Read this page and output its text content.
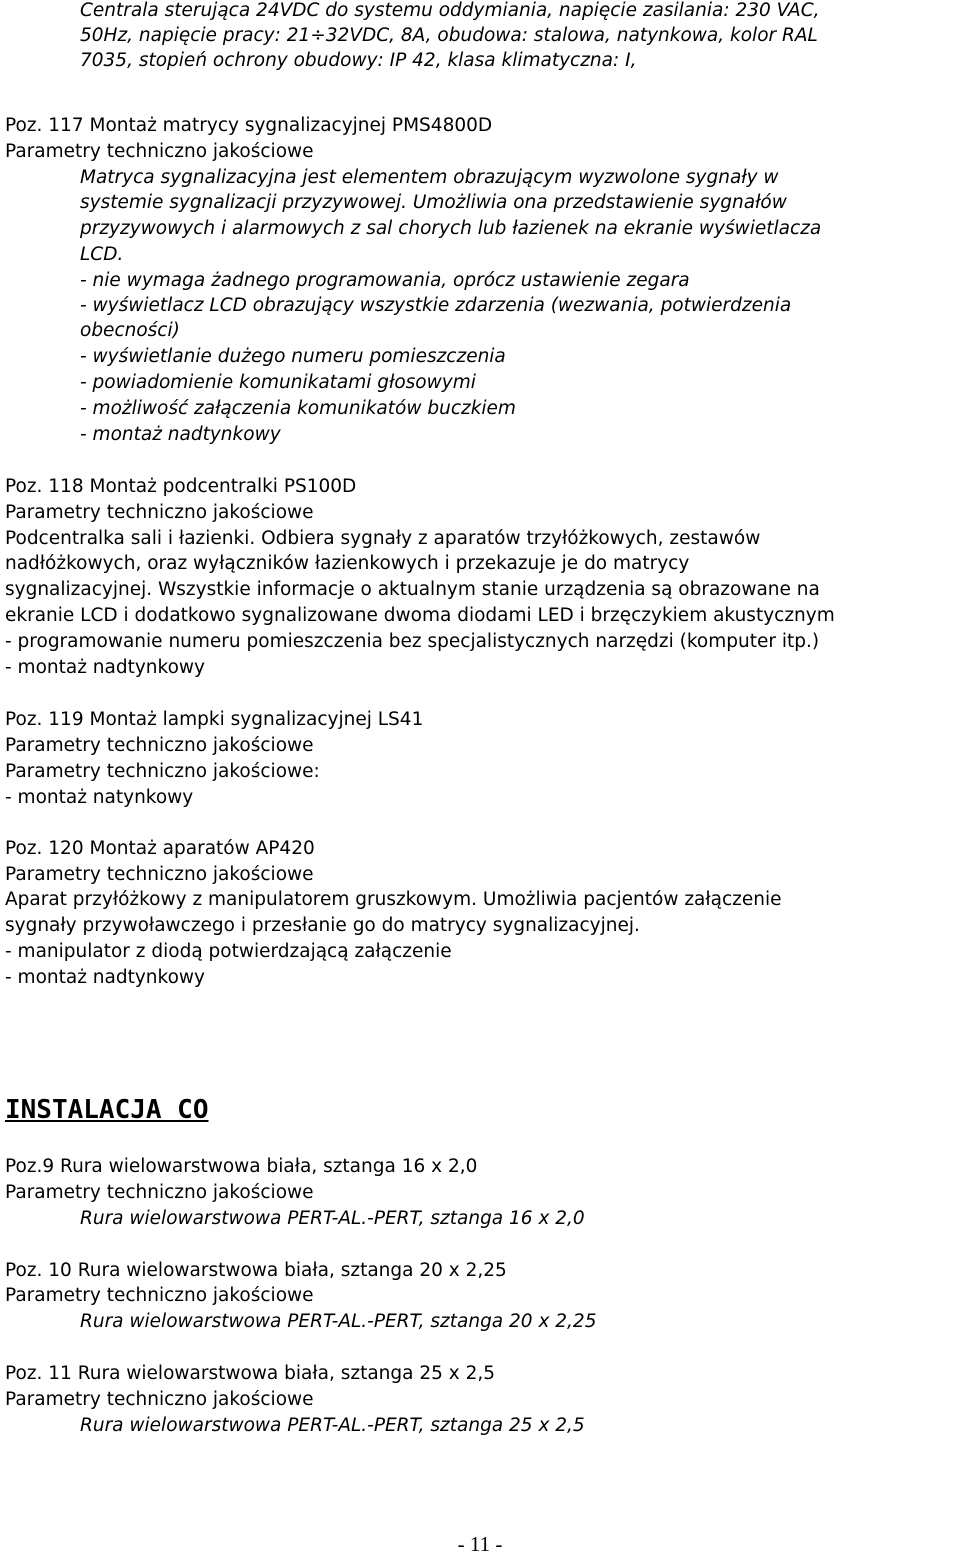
Centrala sterująca 24VDC do systemu oddymiania, napięcie zasilania: 230 VAC,
50Hz, napięcie pracy: 21÷32VDC, 8A, obudowa: stalowa, natynkowa, kolor RAL
7035, stopień ochrony obudowy: IP 42, klasa klimatyczna: I,
Poz. 117 Montaż matrycy sygnalizacyjnej PMS4800D
Parametry techniczno jakościowe
Matryca sygnalizacyjna jest elementem obrazującym wyzwolone sygnały w
systemie sygnalizacji przyzywowej. Umożliwia ona przedstawienie sygnałów
przyzywowych i alarmowych z sal chorych lub łazienek na ekranie wyświetlacza
LCD.
- nie wymaga żadnego programowania, oprócz ustawienie zegara
- wyświetlacz LCD obrazujący wszystkie zdarzenia (wezwania, potwierdzenia
obecności)
- wyświetlanie dużego numeru pomieszczenia
- powiadomienie komunikatami głosowymi
- możliwość załączenia komunikatów buczkiem
- montaż nadtynkowy
Poz. 118 Montaż podcentralki PS100D
Parametry techniczno jakościowe
Podcentralka sali i łazienki. Odbiera sygnały z aparatów trzyłóżkowych, zestawów
nadłóżkowych, oraz wyłączników łazienkowych i przekazuje je do matrycy
sygnalizacyjnej. Wszystkie informacje o aktualnym stanie urządzenia są obrazowane na
ekranie LCD i dodatkowo sygnalizowane dwoma diodami LED i brzęczykiem akustycznym
- programowanie numeru pomieszczenia bez specjalistycznych narzędzi (komputer itp.)
- montaż nadtynkowy
Poz. 119 Montaż lampki sygnalizacyjnej LS41
Parametry techniczno jakościowe
Parametry techniczno jakościowe:
- montaż natynkowy
Poz. 120 Montaż aparatów AP420
Parametry techniczno jakościowe
Aparat przyłóżkowy z manipulatorem gruszkowym. Umożliwia pacjentów załączenie
sygnały przywoławczego i przesłanie go do matrycy sygnalizacyjnej.
- manipulator z diodą potwierdzającą załączenie
- montaż nadtynkowy
INSTALACJA CO
Poz.9 Rura wielowarstwowa biała, sztanga 16 x 2,0
Parametry techniczno jakościowe
Rura wielowarstwowa PERT-AL.-PERT, sztanga 16 x 2,0
Poz. 10 Rura wielowarstwowa biała, sztanga 20 x 2,25
Parametry techniczno jakościowe
Rura wielowarstwowa PERT-AL.-PERT, sztanga 20 x 2,25
Poz. 11 Rura wielowarstwowa biała, sztanga 25 x 2,5
Parametry techniczno jakościowe
Rura wielowarstwowa PERT-AL.-PERT, sztanga 25 x 2,5
- 11 -
